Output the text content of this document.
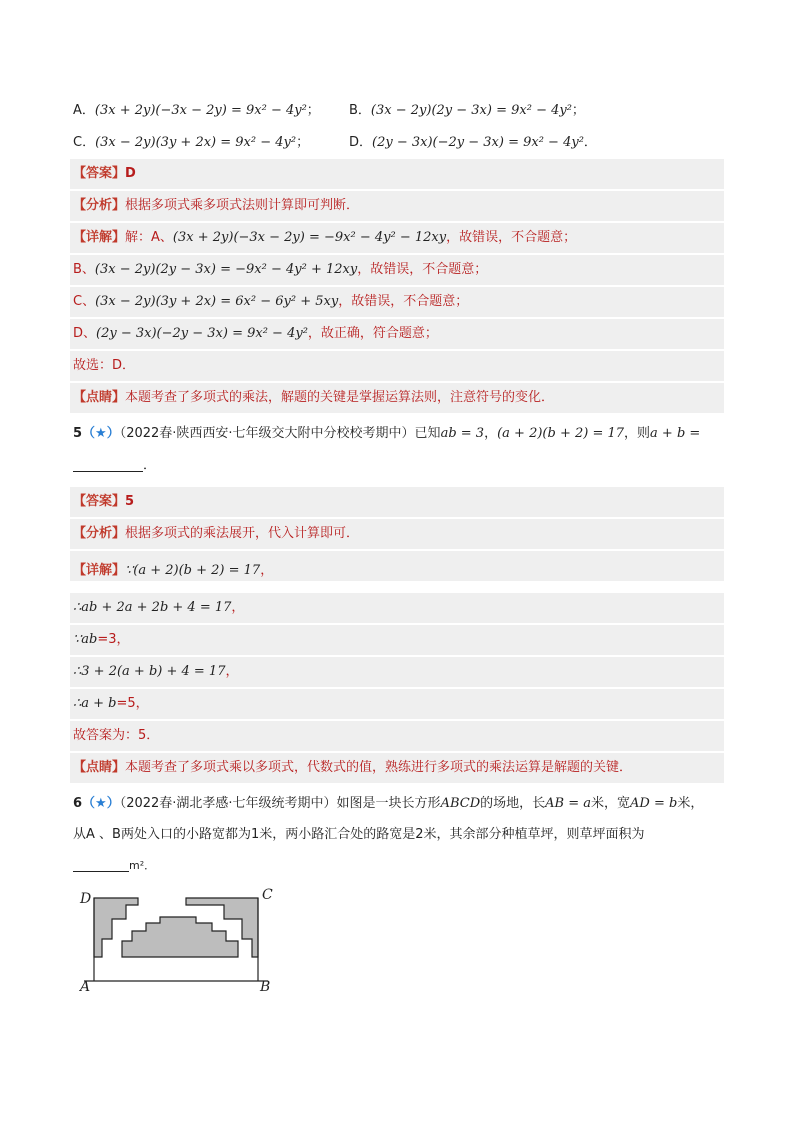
A．(3x + 2y)(−3x − 2y) = 9x² − 4y²； B．(3x − 2y)(2y − 3x) = 9x² − 4y²；
C．(3x − 2y)(3y + 2x) = 9x² − 4y²；	D．(2y − 3x)(−2y − 3x) = 9x² − 4y²．
【答案】D
【分析】根据多项式乘多项式法则计算即可判断．
【详解】解：A、(3x + 2y)(−3x − 2y) = −9x² − 4y² − 12xy，故错误，不合题意；
B、(3x − 2y)(2y − 3x) = −9x² − 4y² + 12xy，故错误，不合题意；
C、(3x − 2y)(3y + 2x) = 6x² − 6y² + 5xy，故错误，不合题意；
D、(2y − 3x)(−2y − 3x) = 9x² − 4y²，故正确，符合题意；
故选：D．
【点睛】本题考查了多项式的乘法，解题的关键是掌握运算法则，注意符号的变化．
5（★）（2022春·陕西西安·七年级交大附中分校校考期中）已知ab = 3，(a + 2)(b + 2) = 17，则a + b =
．
【答案】5
【分析】根据多项式的乘法展开，代入计算即可．
【详解】∵(a + 2)(b + 2) = 17，
∴ab + 2a + 2b + 4 = 17，
∵ab=3，
∴3 + 2(a + b) + 4 = 17，
∴a + b=5，
故答案为：5．
【点睛】本题考查了多项式乘以多项式，代数式的值，熟练进行多项式的乘法运算是解题的关键．
6（★）（2022春·湖北孝感·七年级统考期中）如图是一块长方形ABCD的场地，长AB = a米，宽AD = b米，
从A 、B两处入口的小路宽都为1米，两小路汇合处的路宽是2米，其余部分种植草坪，则草坪面积为
m²．
D	C
A	B
